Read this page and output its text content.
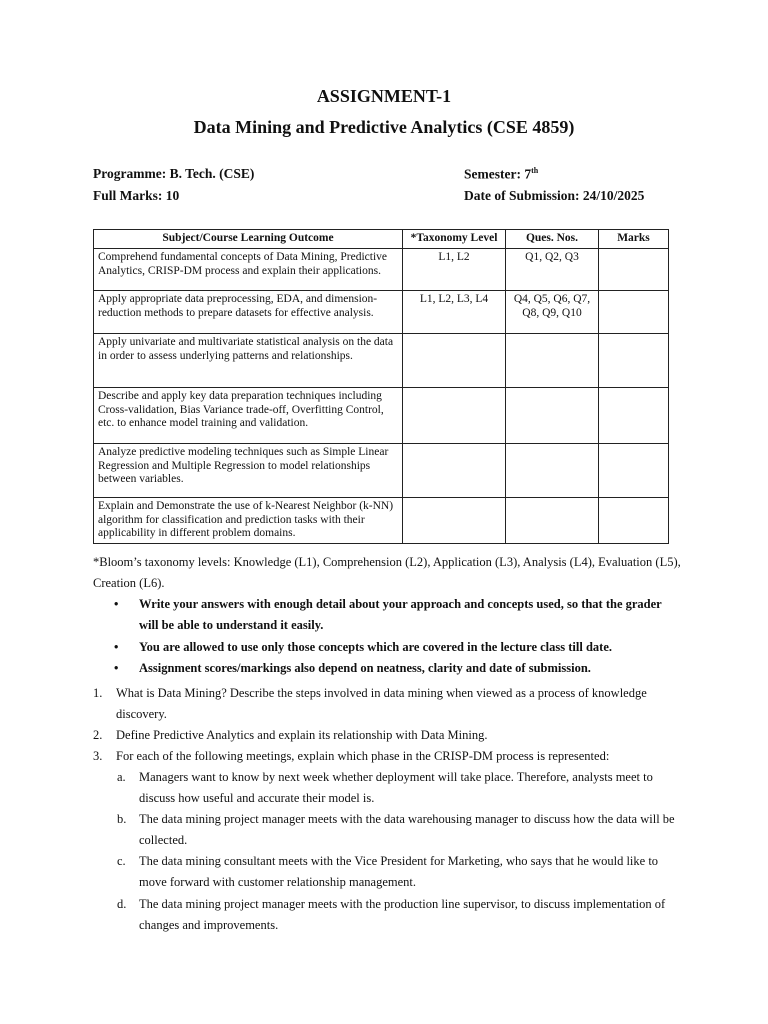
ASSIGNMENT-1
Data Mining and Predictive Analytics (CSE 4859)
Programme: B. Tech. (CSE)	Semester: 7th
Full Marks: 10	Date of Submission: 24/10/2025
Subject/Course Learning Outcome	*Taxonomy Level	Ques. Nos.	Marks
Comprehend fundamental concepts of Data Mining, Predictive Analytics, CRISP-DM process and explain their applications.	L1, L2	Q1, Q2, Q3	
Apply appropriate data preprocessing, EDA, and dimension-reduction methods to prepare datasets for effective analysis.	L1, L2, L3, L4	Q4, Q5, Q6, Q7, Q8, Q9, Q10	
Apply univariate and multivariate statistical analysis on the data in order to assess underlying patterns and relationships.			
Describe and apply key data preparation techniques including Cross-validation, Bias Variance trade-off, Overfitting Control, etc. to enhance model training and validation.			
Analyze predictive modeling techniques such as Simple Linear Regression and Multiple Regression to model relationships between variables.			
Explain and Demonstrate the use of k-Nearest Neighbor (k-NN) algorithm for classification and prediction tasks with their applicability in different problem domains.			
*Bloom’s taxonomy levels: Knowledge (L1), Comprehension (L2), Application (L3), Analysis (L4), Evaluation (L5), Creation (L6).
• Write your answers with enough detail about your approach and concepts used, so that the grader will be able to understand it easily.
• You are allowed to use only those concepts which are covered in the lecture class till date.
• Assignment scores/markings also depend on neatness, clarity and date of submission.
1. What is Data Mining? Describe the steps involved in data mining when viewed as a process of knowledge discovery.
2. Define Predictive Analytics and explain its relationship with Data Mining.
3. For each of the following meetings, explain which phase in the CRISP-DM process is represented:
a. Managers want to know by next week whether deployment will take place. Therefore, analysts meet to discuss how useful and accurate their model is.
b. The data mining project manager meets with the data warehousing manager to discuss how the data will be collected.
c. The data mining consultant meets with the Vice President for Marketing, who says that he would like to move forward with customer relationship management.
d. The data mining project manager meets with the production line supervisor, to discuss implementation of changes and improvements.
